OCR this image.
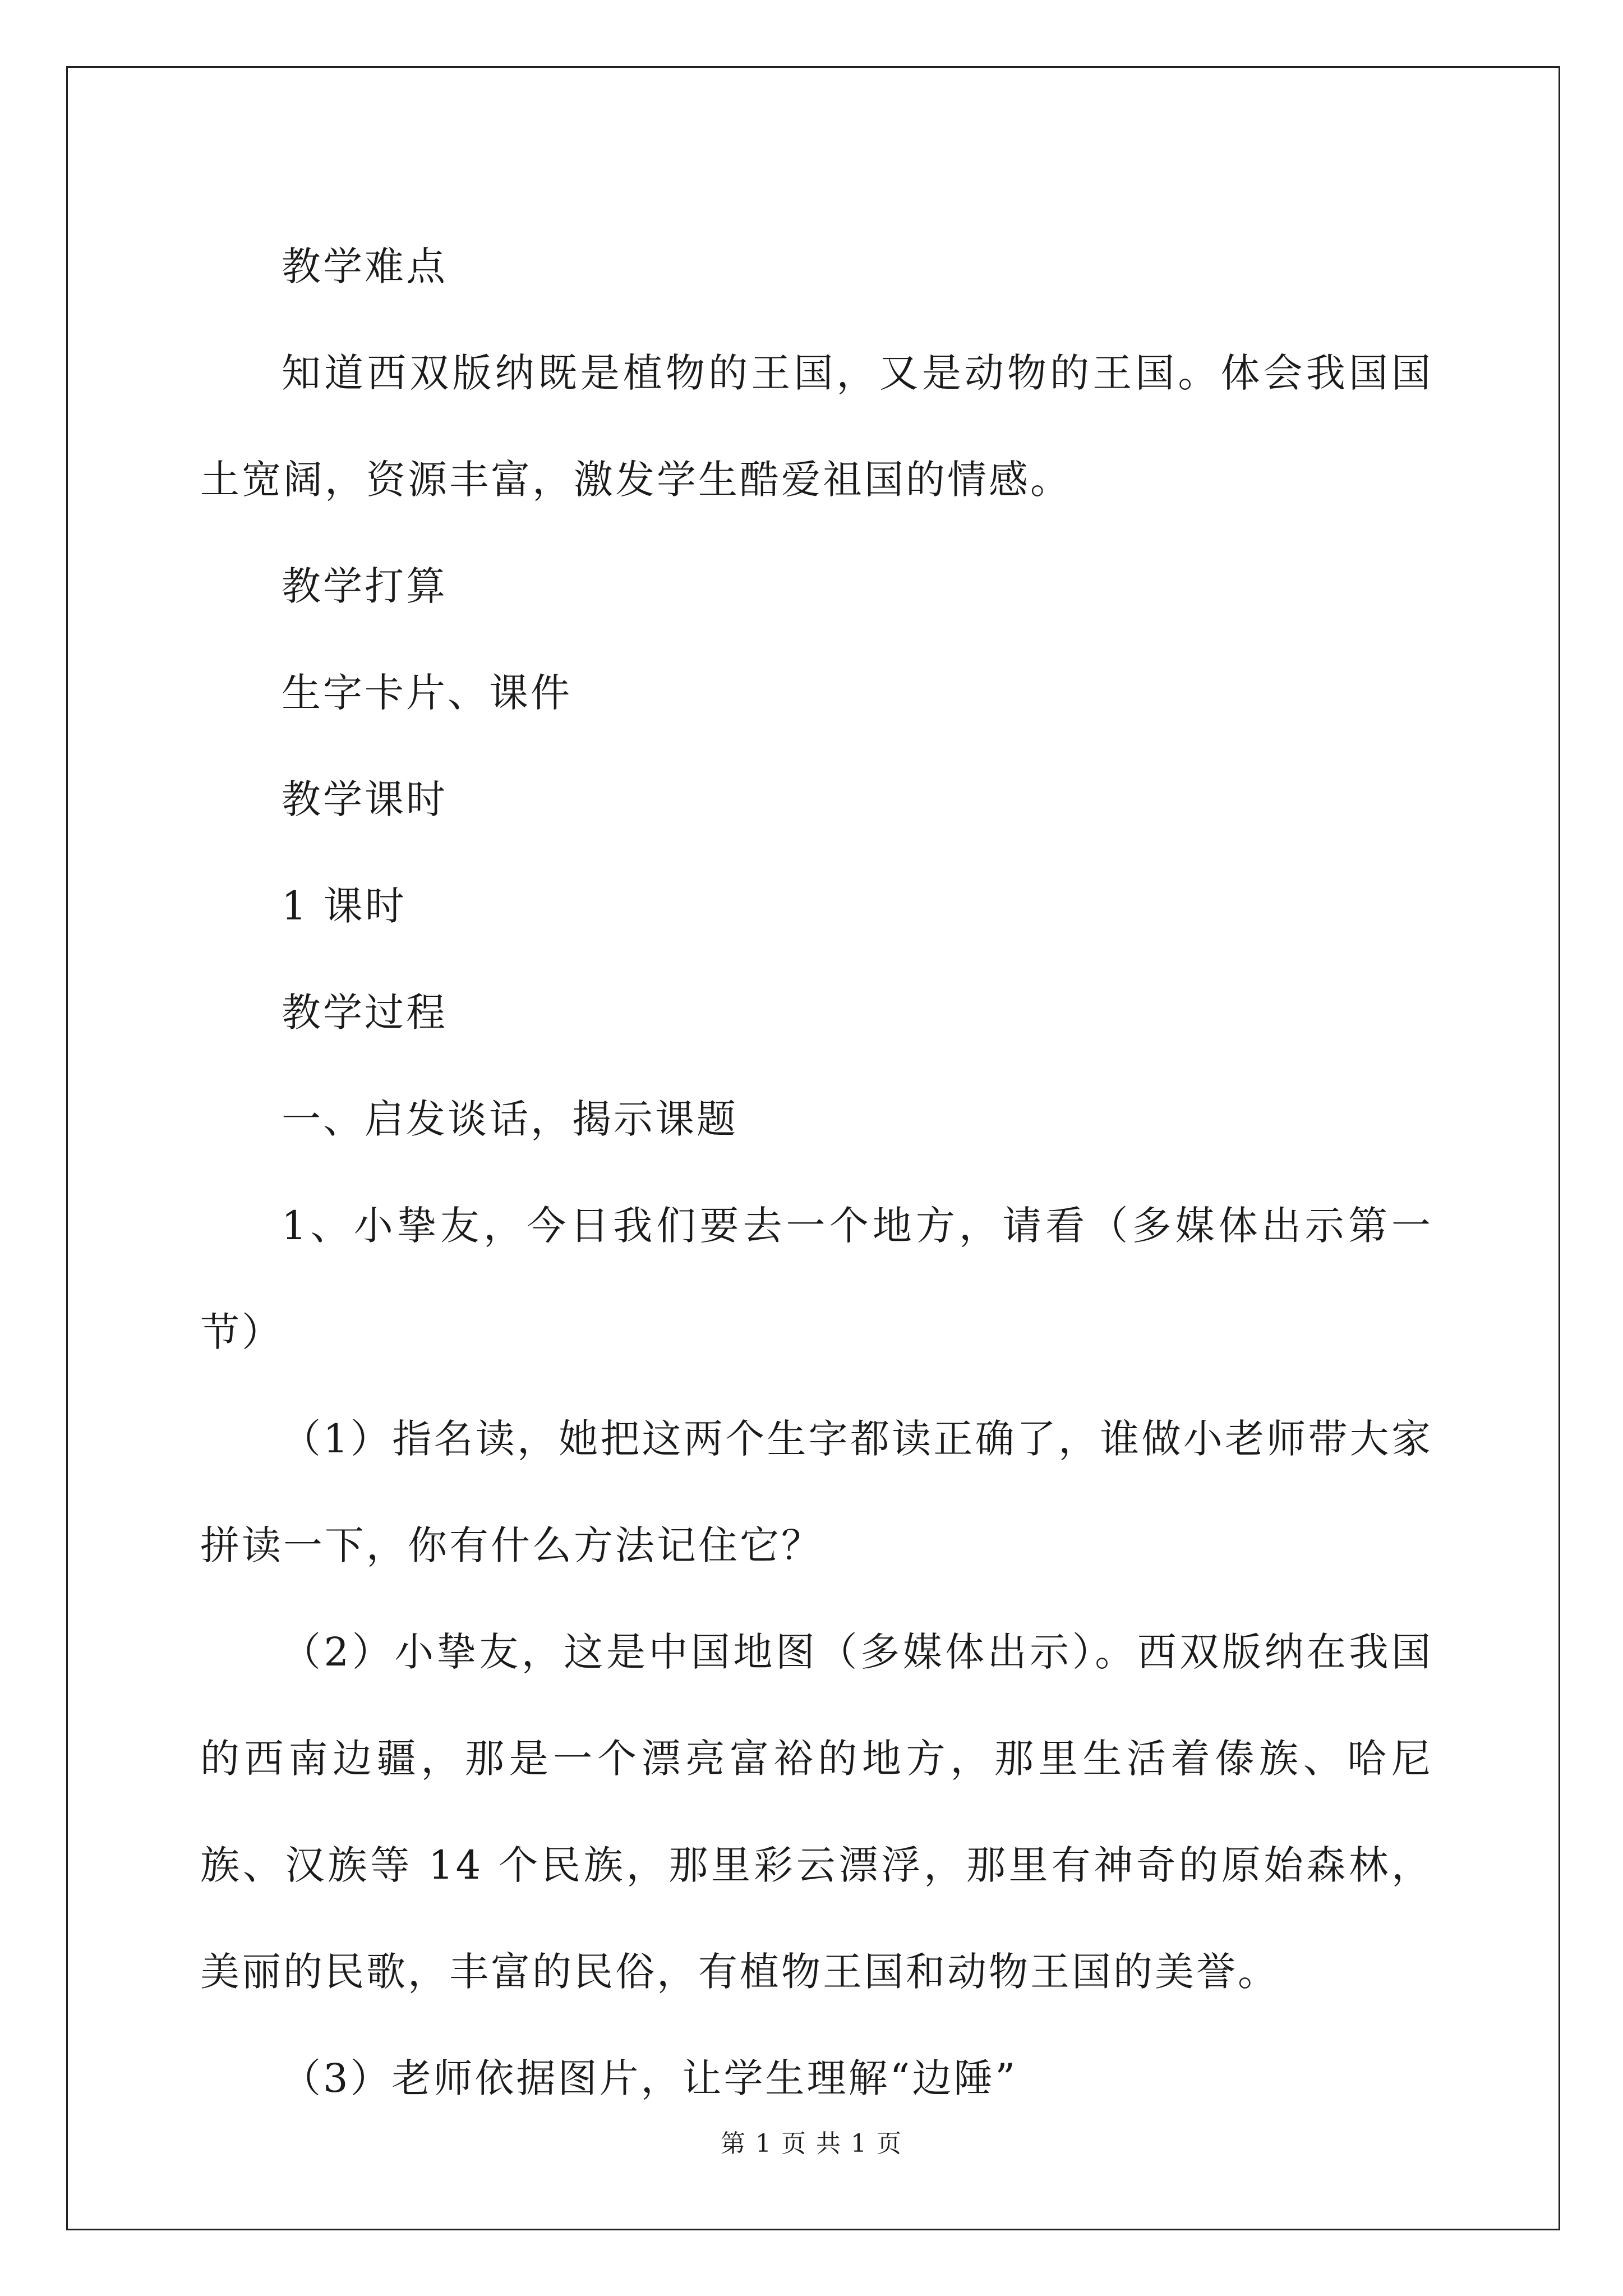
教学难点

知道西双版纳既是植物的王国，又是动物的王国。体会我国国土宽阔，资源丰富，激发学生酷爱祖国的情感。

教学打算

生字卡片、课件

教学课时

1 课时

教学过程

一、启发谈话，揭示课题

1、小挚友，今日我们要去一个地方，请看（多媒体出示第一节）

（1）指名读，她把这两个生字都读正确了，谁做小老师带大家拼读一下，你有什么方法记住它？

（2）小挚友，这是中国地图（多媒体出示）。西双版纳在我国的西南边疆，那是一个漂亮富裕的地方，那里生活着傣族、哈尼族、汉族等 14 个民族，那里彩云漂浮，那里有神奇的原始森林，美丽的民歌，丰富的民俗，有植物王国和动物王国的美誉。

（3）老师依据图片，让学生理解“边陲”

第 1 页 共 1 页
